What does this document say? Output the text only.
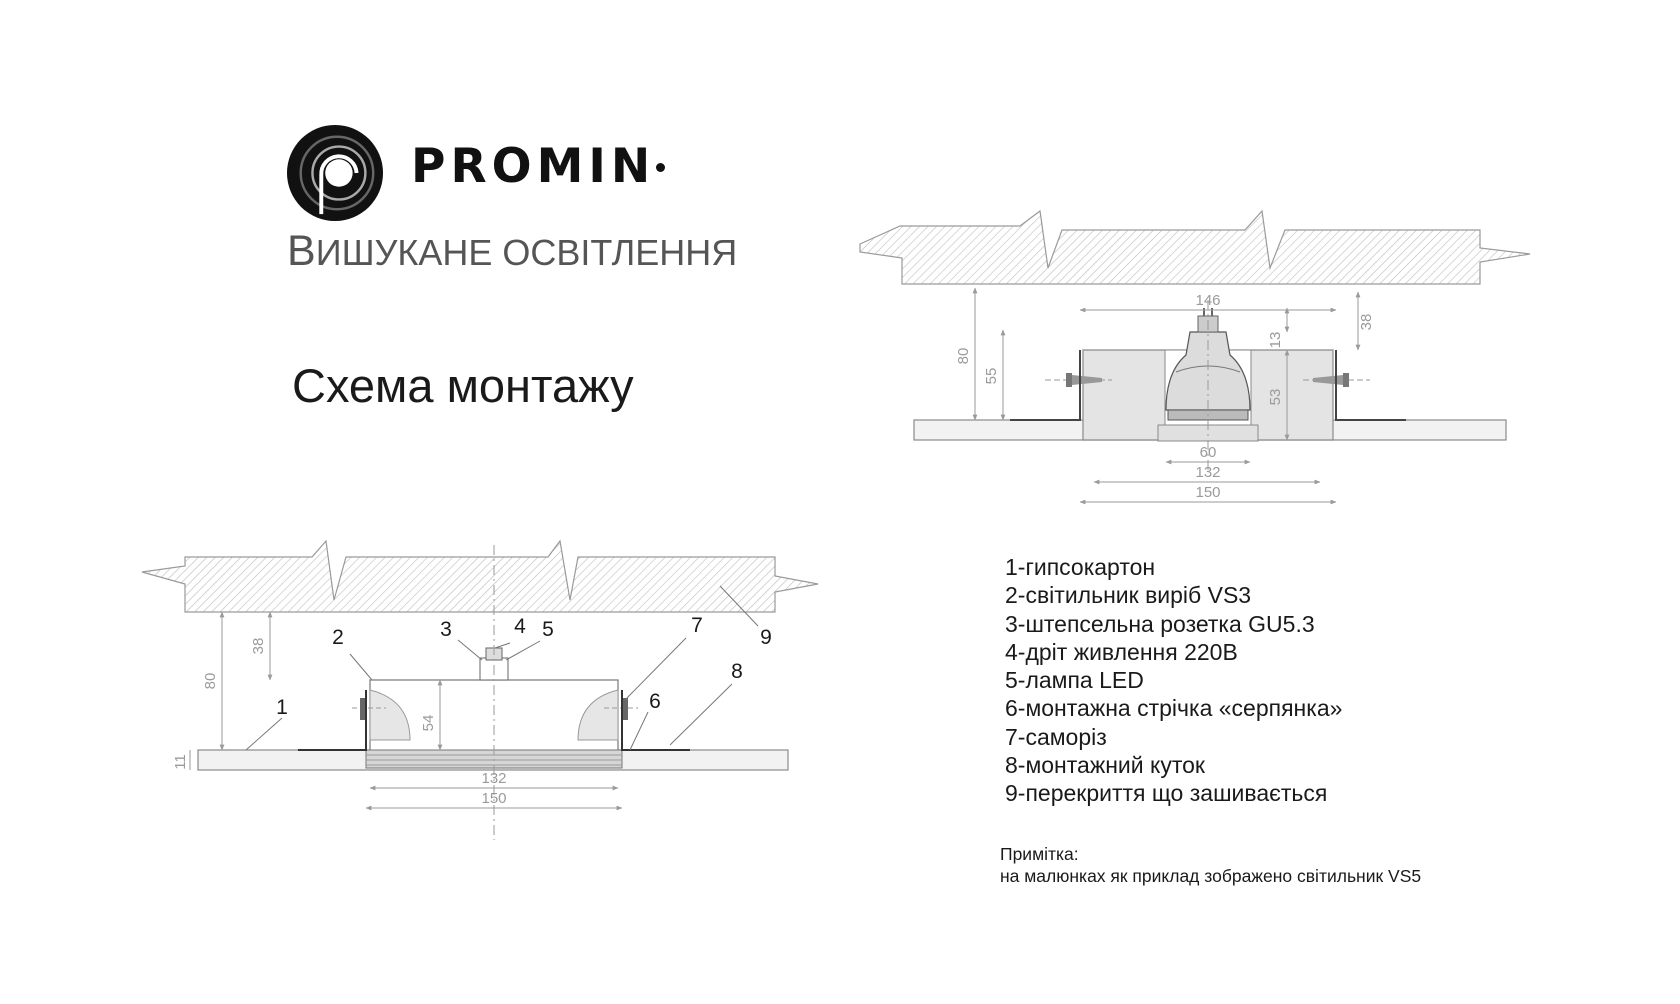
PROMIN
ВИШУКАНЕ ОСВІТЛЕННЯ
Схема монтажу
146
38
80
55
13
53
60
132
150
80
38
54
11
132
150
1
2	3	4 5
6
7
8
9
1-гипсокартон
2-світильник виріб VS3
3-штепсельна розетка GU5.3
4-дріт живлення 220В
5-лампа LED
6-монтажна стрічка «серпянка»
7-саморіз
8-монтажний куток
9-перекриття що зашивається
Примітка:
на малюнках як приклад зображено світильник VS5
